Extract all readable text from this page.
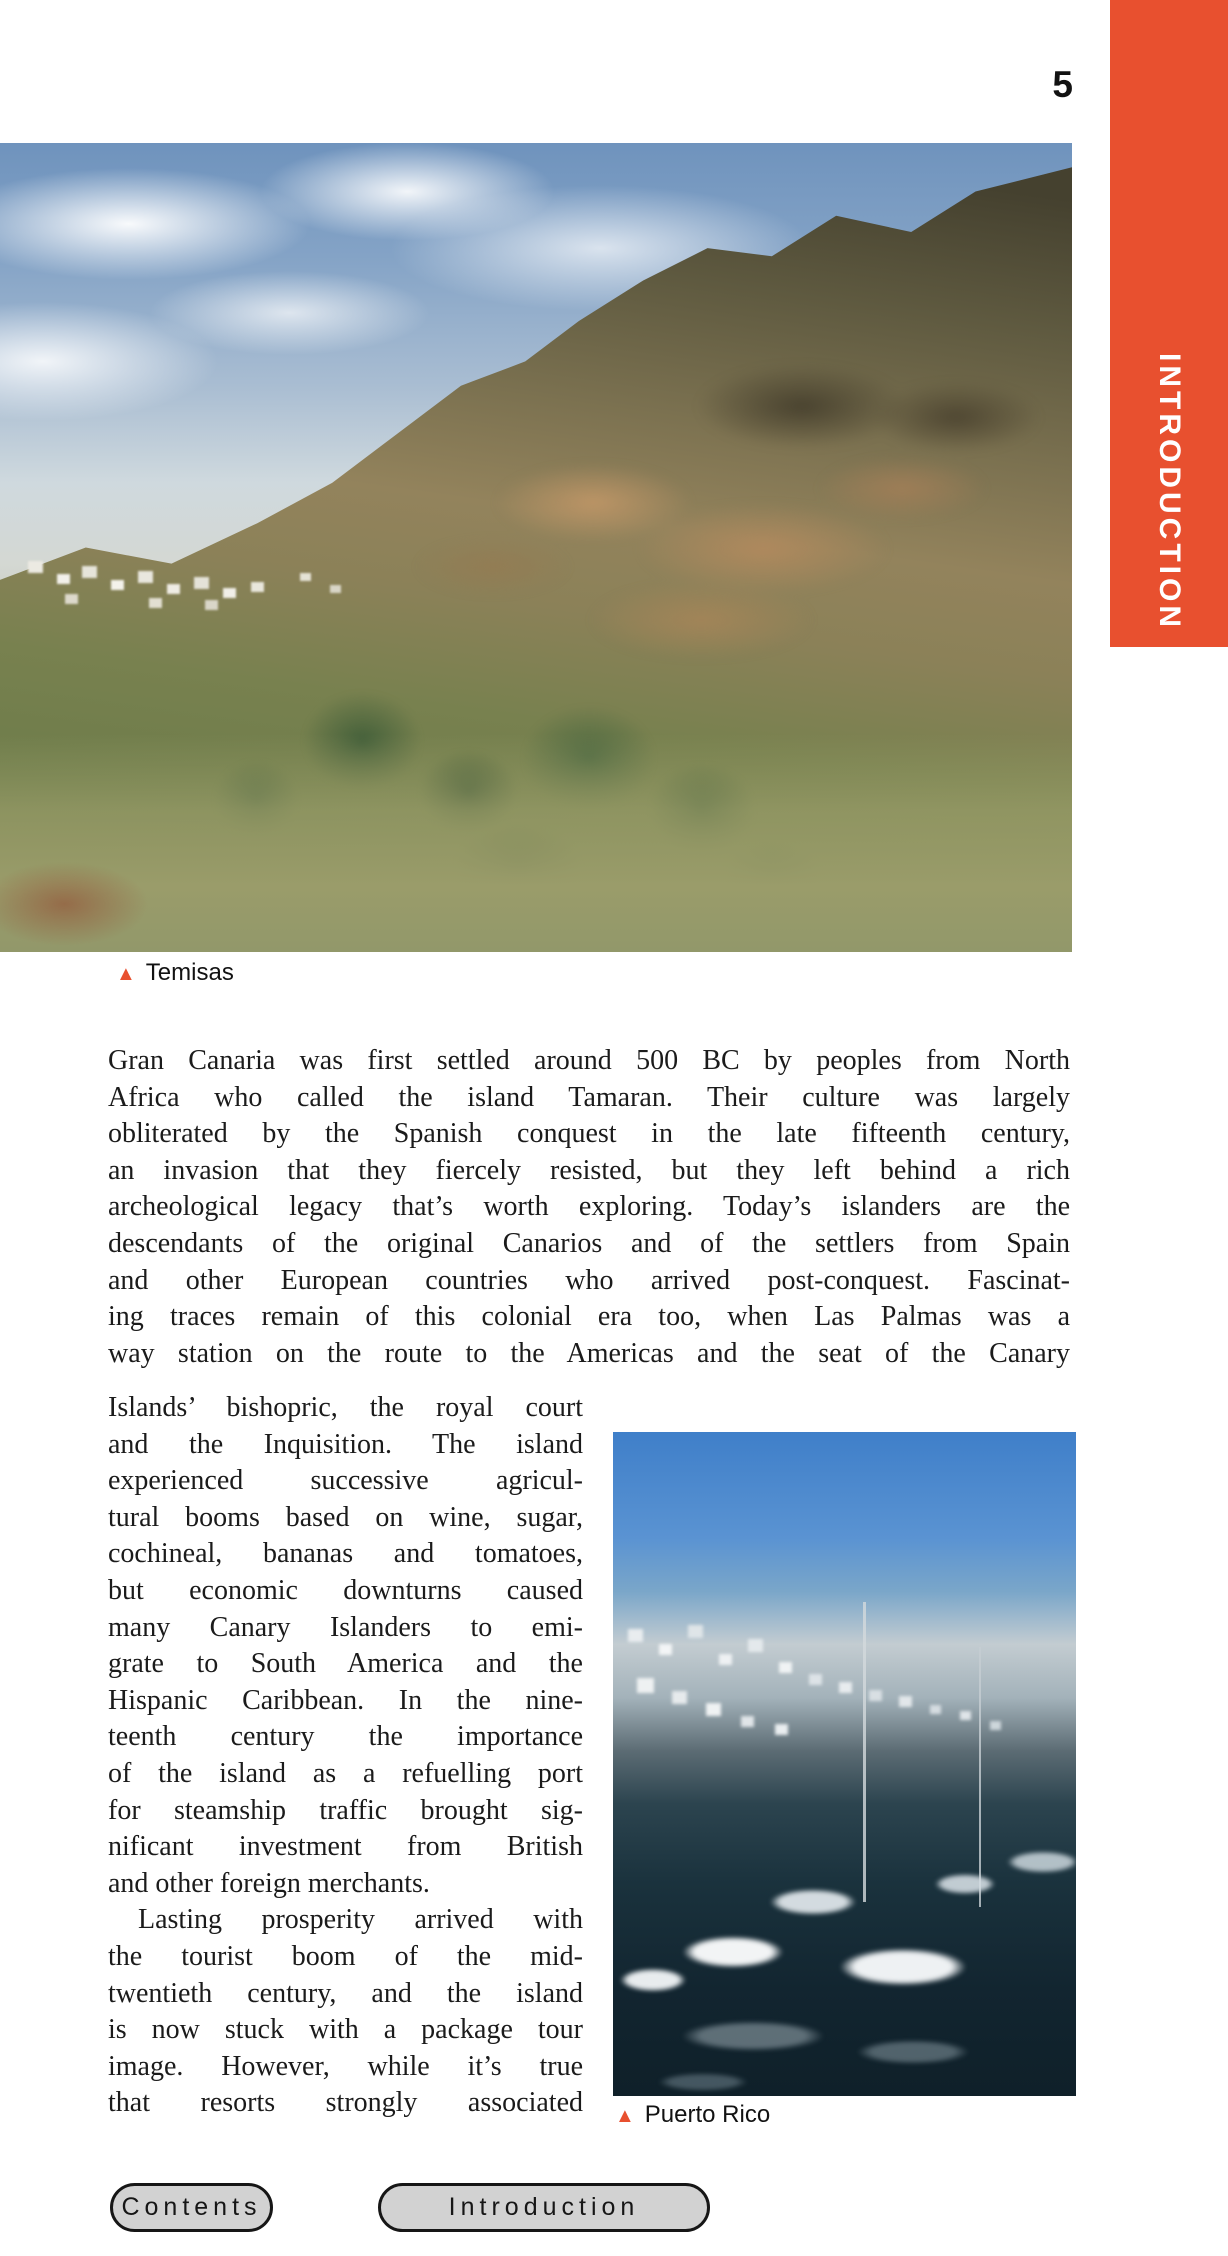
INTRODUCTION
5
▲ Temisas
Gran Canaria was first settled around 500 BC by peoples from North
Africa who called the island Tamaran. Their culture was largely
obliterated by the Spanish conquest in the late fifteenth century,
an invasion that they fiercely resisted, but they left behind a rich
archeological legacy that’s worth exploring. Today’s islanders are the
descendants of the original Canarios and of the settlers from Spain
and other European countries who arrived post-conquest. Fascinat-
ing traces remain of this colonial era too, when Las Palmas was a
way station on the route to the Americas and the seat of the Canary
Islands’ bishopric, the royal court
and the Inquisition. The island
experienced successive agricul-
tural booms based on wine, sugar,
cochineal, bananas and tomatoes,
but economic downturns caused
many Canary Islanders to emi-
grate to South America and the
Hispanic Caribbean. In the nine-
teenth century the importance
of the island as a refuelling port
for steamship traffic brought sig-
nificant investment from British
and other foreign merchants.
Lasting prosperity arrived with
the tourist boom of the mid-
twentieth century, and the island
is now stuck with a package tour
image. However, while it’s true
that resorts strongly associated ▲ Puerto Rico
Contents	Introduction
